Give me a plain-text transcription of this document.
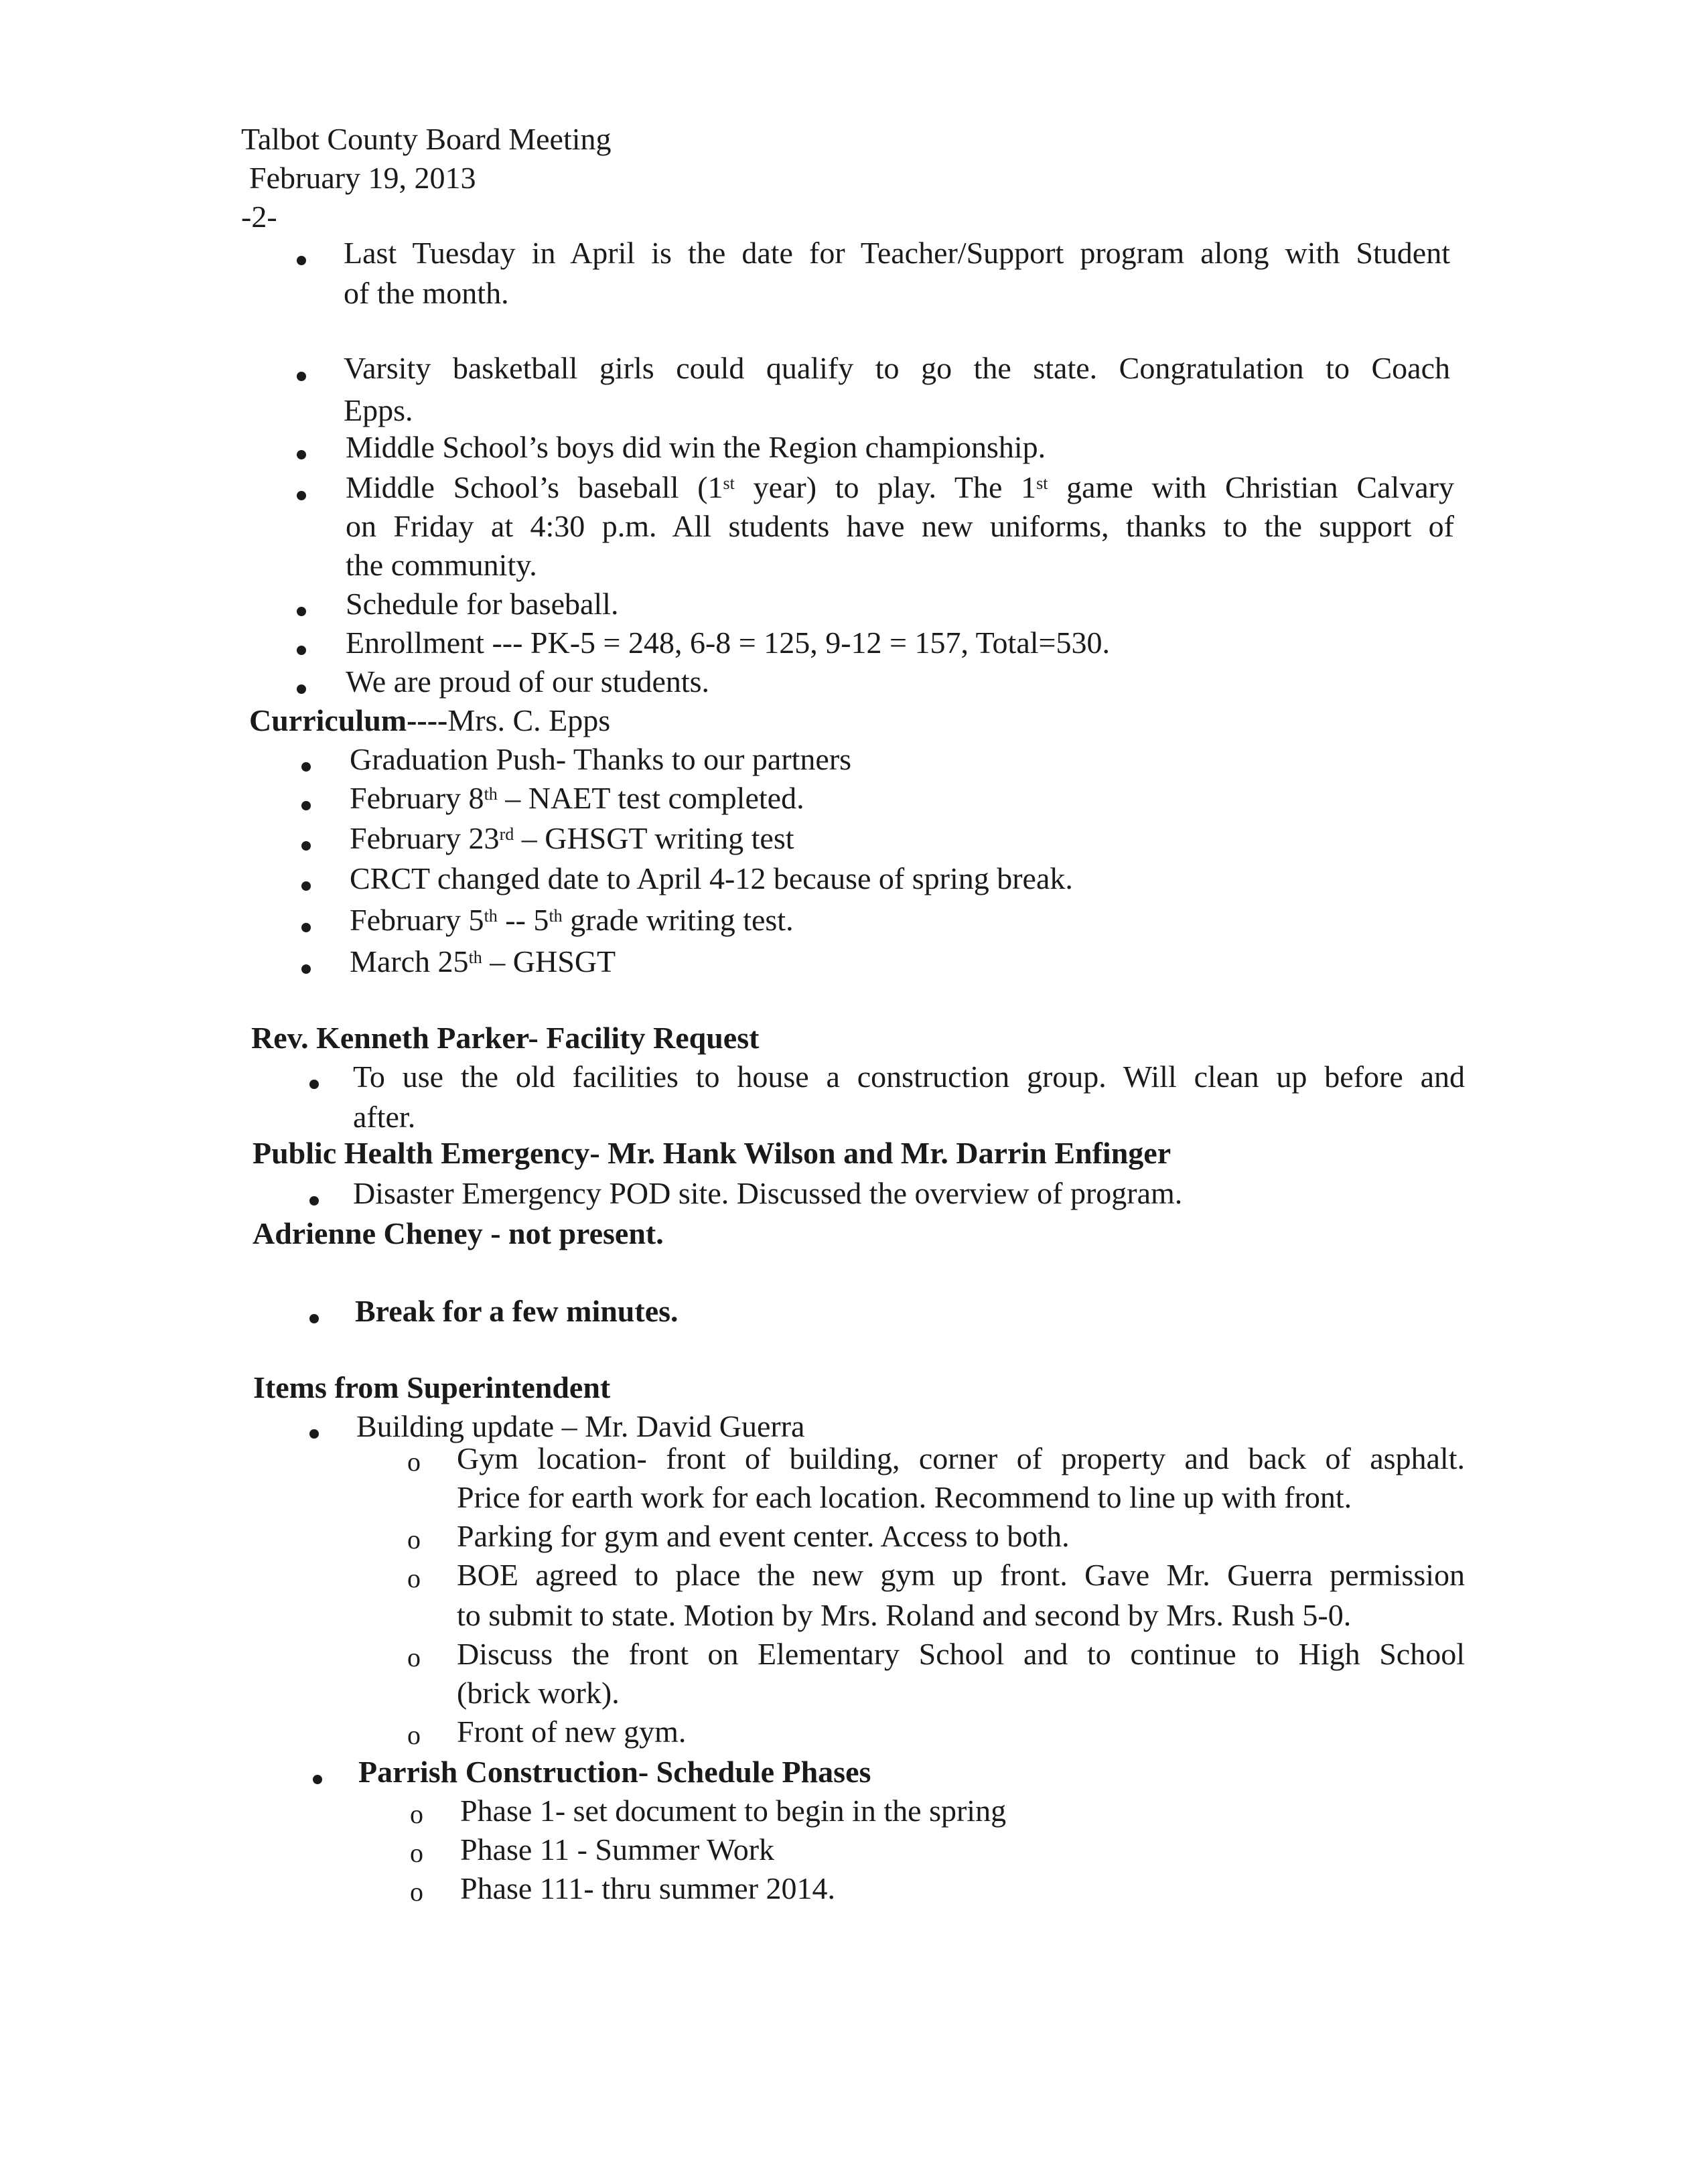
Talbot County Board Meeting
February 19, 2013
-2-
Last Tuesday in April is the date for Teacher/Support program along with Student
of the month.
Varsity basketball girls could qualify to go the state. Congratulation to Coach
Epps.
Middle School’s boys did win the Region championship.
Middle School’s baseball (1st year) to play. The 1st game with Christian Calvary
on Friday at 4:30 p.m. All students have new uniforms, thanks to the support of
the community.
Schedule for baseball.
Enrollment --- PK-5 = 248, 6-8 = 125, 9-12 = 157, Total=530.
We are proud of our students.
Curriculum----Mrs. C. Epps
Graduation Push- Thanks to our partners
February 8th – NAET test completed.
February 23rd – GHSGT writing test
CRCT changed date to April 4-12 because of spring break.
February 5th -- 5th grade writing test.
March 25th – GHSGT
Rev. Kenneth Parker- Facility Request
To use the old facilities to house a construction group. Will clean up before and
after.
Public Health Emergency- Mr. Hank Wilson and Mr. Darrin Enfinger
Disaster Emergency POD site. Discussed the overview of program.
Adrienne Cheney - not present.
Break for a few minutes.
Items from Superintendent
Building update – Mr. David Guerra
o Gym location- front of building, corner of property and back of asphalt.
Price for earth work for each location. Recommend to line up with front.
o Parking for gym and event center. Access to both.
o BOE agreed to place the new gym up front. Gave Mr. Guerra permission
to submit to state. Motion by Mrs. Roland and second by Mrs. Rush 5-0.
o Discuss the front on Elementary School and to continue to High School
(brick work).
o Front of new gym.
Parrish Construction- Schedule Phases
o Phase 1- set document to begin in the spring
o Phase 11 - Summer Work
o Phase 111- thru summer 2014.
